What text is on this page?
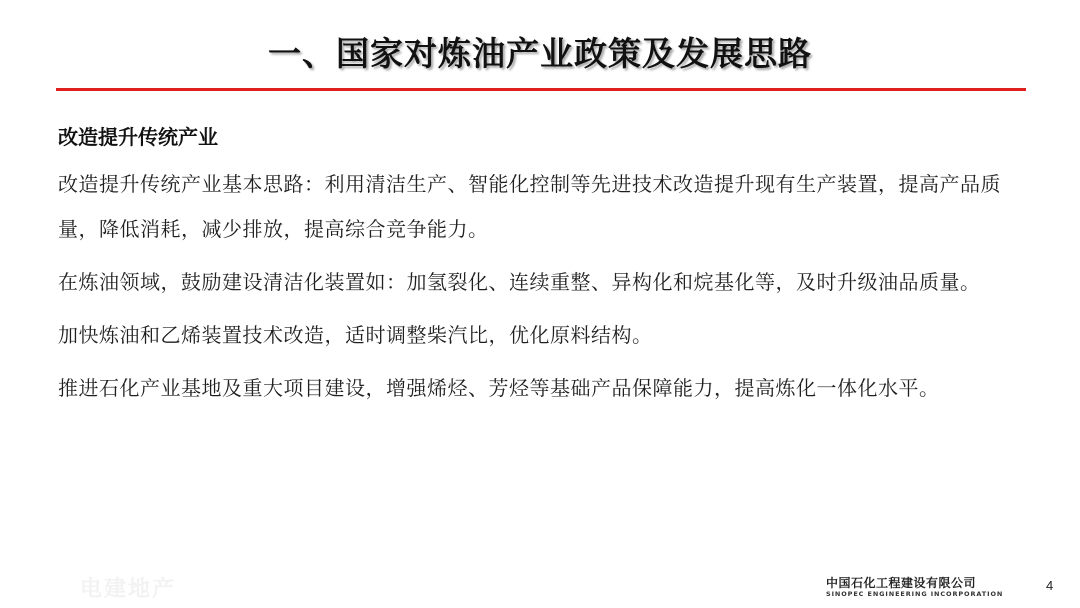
一、国家对炼油产业政策及发展思路
改造提升传统产业
改造提升传统产业基本思路：利用清洁生产、智能化控制等先进技术改造提升现有生产装置，提高产品质量，降低消耗，减少排放，提高综合竞争能力。
在炼油领域，鼓励建设清洁化装置如：加氢裂化、连续重整、异构化和烷基化等，及时升级油品质量。
加快炼油和乙烯装置技术改造，适时调整柴汽比，优化原料结构。
推进石化产业基地及重大项目建设，增强烯烃、芳烃等基础产品保障能力，提高炼化一体化水平。
电建地产	中国石化工程建设有限公司
SINOPEC ENGINEERING INCORPORATION
4
